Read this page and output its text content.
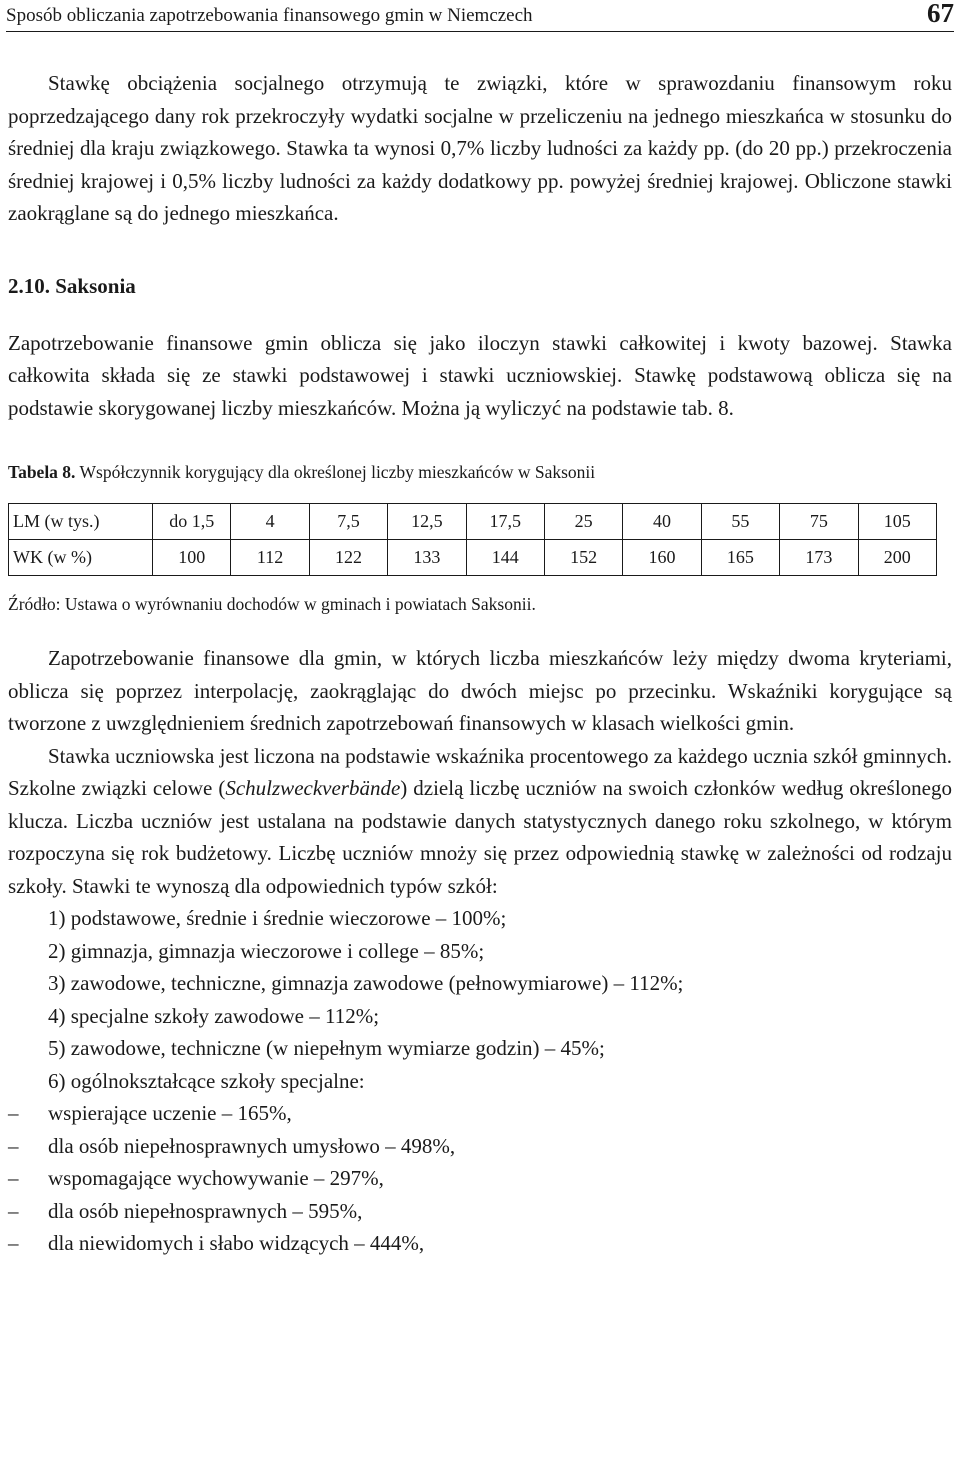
Sposób obliczania zapotrzebowania finansowego gmin w Niemczech	67

Stawkę obciążenia socjalnego otrzymują te związki, które w sprawozdaniu finansowym roku poprzedzającego dany rok przekroczyły wydatki socjalne w przeliczeniu na jednego mieszkańca w stosunku do średniej dla kraju związkowego. Stawka ta wynosi 0,7% liczby ludności za każdy pp. (do 20 pp.) przekroczenia średniej krajowej i 0,5% liczby ludności za każdy dodatkowy pp. powyżej średniej krajowej. Obliczone stawki zaokrąglane są do jednego mieszkańca.

2.10. Saksonia

Zapotrzebowanie finansowe gmin oblicza się jako iloczyn stawki całkowitej i kwoty bazowej. Stawka całkowita składa się ze stawki podstawowej i stawki uczniowskiej. Stawkę podstawową oblicza się na podstawie skorygowanej liczby mieszkańców. Można ją wyliczyć na podstawie tab. 8.

Tabela 8. Współczynnik korygujący dla określonej liczby mieszkańców w Saksonii

LM (w tys.)	do 1,5	4	7,5	12,5	17,5	25	40	55	75	105
WK (w %)	100	112	122	133	144	152	160	165	173	200

Źródło: Ustawa o wyrównaniu dochodów w gminach i powiatach Saksonii.

Zapotrzebowanie finansowe dla gmin, w których liczba mieszkańców leży między dwoma kryteriami, oblicza się poprzez interpolację, zaokrąglając do dwóch miejsc po przecinku. Wskaźniki korygujące są tworzone z uwzględnieniem średnich zapotrzebowań finansowych w klasach wielkości gmin.

Stawka uczniowska jest liczona na podstawie wskaźnika procentowego za każdego ucznia szkół gminnych. Szkolne związki celowe (Schulzweckverbände) dzielą liczbę uczniów na swoich członków według określonego klucza. Liczba uczniów jest ustalana na podstawie danych statystycznych danego roku szkolnego, w którym rozpoczyna się rok budżetowy. Liczbę uczniów mnoży się przez odpowiednią stawkę w zależności od rodzaju szkoły. Stawki te wynoszą dla odpowiednich typów szkół:

1) podstawowe, średnie i średnie wieczorowe – 100%;
2) gimnazja, gimnazja wieczorowe i college – 85%;
3) zawodowe, techniczne, gimnazja zawodowe (pełnowymiarowe) – 112%;
4) specjalne szkoły zawodowe – 112%;
5) zawodowe, techniczne (w niepełnym wymiarze godzin) – 45%;
6) ogólnokształcące szkoły specjalne:
– wspierające uczenie – 165%,
– dla osób niepełnosprawnych umysłowo – 498%,
– wspomagające wychowywanie – 297%,
– dla osób niepełnosprawnych – 595%,
– dla niewidomych i słabo widzących – 444%,
